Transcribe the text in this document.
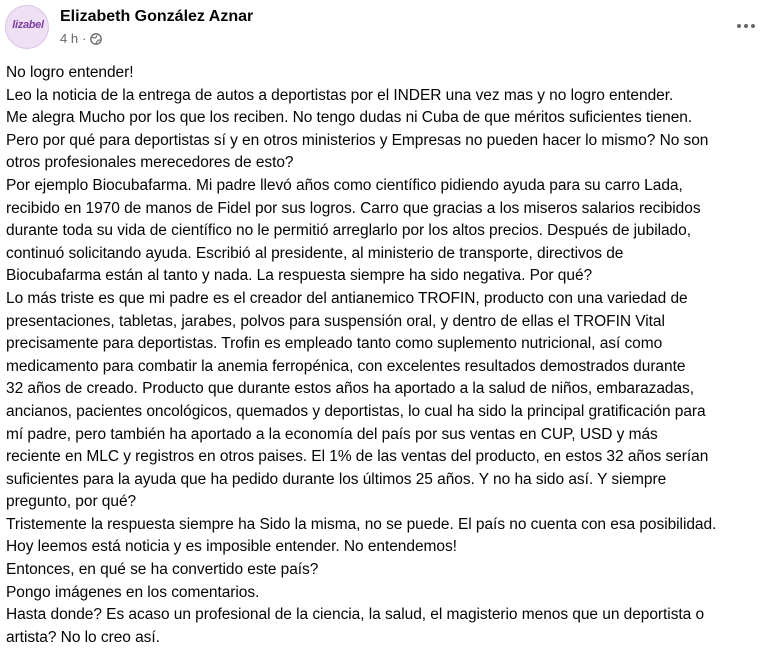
lizabel	Elizabeth González Aznar
4 h ·
No logro entender!
Leo la noticia de la entrega de autos a deportistas por el INDER una vez mas y no logro entender.
Me alegra Mucho por los que los reciben. No tengo dudas ni Cuba de que méritos suficientes tienen.
Pero por qué para deportistas sí y en otros ministerios y Empresas no pueden hacer lo mismo? No son
otros profesionales merecedores de esto?
Por ejemplo Biocubafarma. Mi padre llevó años como científico pidiendo ayuda para su carro Lada,
recibido en 1970 de manos de Fidel por sus logros. Carro que gracias a los miseros salarios recibidos
durante toda su vida de científico no le permitió arreglarlo por los altos precios. Después de jubilado,
continuó solicitando ayuda. Escribió al presidente, al ministerio de transporte, directivos de
Biocubafarma están al tanto y nada. La respuesta siempre ha sido negativa. Por qué?
Lo más triste es que mi padre es el creador del antianemico TROFIN, producto con una variedad de
presentaciones, tabletas, jarabes, polvos para suspensión oral, y dentro de ellas el TROFIN Vital
precisamente para deportistas. Trofin es empleado tanto como suplemento nutricional, así como
medicamento para combatir la anemia ferropénica, con excelentes resultados demostrados durante
32 años de creado. Producto que durante estos años ha aportado a la salud de niños, embarazadas,
ancianos, pacientes oncológicos, quemados y deportistas, lo cual ha sido la principal gratificación para
mí padre, pero también ha aportado a la economía del país por sus ventas en CUP, USD y más
reciente en MLC y registros en otros paises. El 1% de las ventas del producto, en estos 32 años serían
suficientes para la ayuda que ha pedido durante los últimos 25 años. Y no ha sido así. Y siempre
pregunto, por qué?
Tristemente la respuesta siempre ha Sido la misma, no se puede. El país no cuenta con esa posibilidad.
Hoy leemos está noticia y es imposible entender. No entendemos!
Entonces, en qué se ha convertido este país?
Pongo imágenes en los comentarios.
Hasta donde? Es acaso un profesional de la ciencia, la salud, el magisterio menos que un deportista o
artista? No lo creo así.
